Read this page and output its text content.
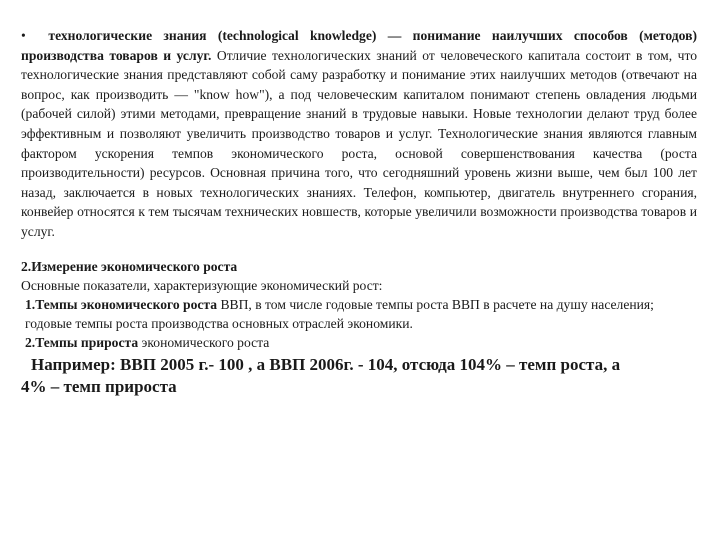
• технологические знания (technological knowledge) — понимание наилучших способов (методов) производства товаров и услуг. Отличие технологических знаний от человеческого капитала состоит в том, что технологические знания представляют собой саму разработку и понимание этих наилучших методов (отвечают на вопрос, как производить — "know how"), а под человеческим капиталом понимают степень овладения людьми (рабочей силой) этими методами, превращение знаний в трудовые навыки. Новые технологии делают труд более эффективным и позволяют увеличить производство товаров и услуг. Технологические знания являются главным фактором ускорения темпов экономического роста, основой совершенствования качества (роста производительности) ресурсов. Основная причина того, что сегодняшний уровень жизни выше, чем был 100 лет назад, заключается в новых технологических знаниях. Телефон, компьютер, двигатель внутреннего сгорания, конвейер относятся к тем тысячам технических новшеств, которые увеличили возможности производства товаров и услуг.

2.Измерение экономического роста

Основные показатели, характеризующие экономический рост:

1.Темпы экономического роста ВВП, в том числе годовые темпы роста ВВП в расчете на душу населения; годовые темпы роста производства основных отраслей экономики.

2.Темпы прироста экономического роста

Например: ВВП 2005 г.- 100 , а ВВП 2006г. - 104, отсюда 104% – темп роста, а
4% – темп прироста
